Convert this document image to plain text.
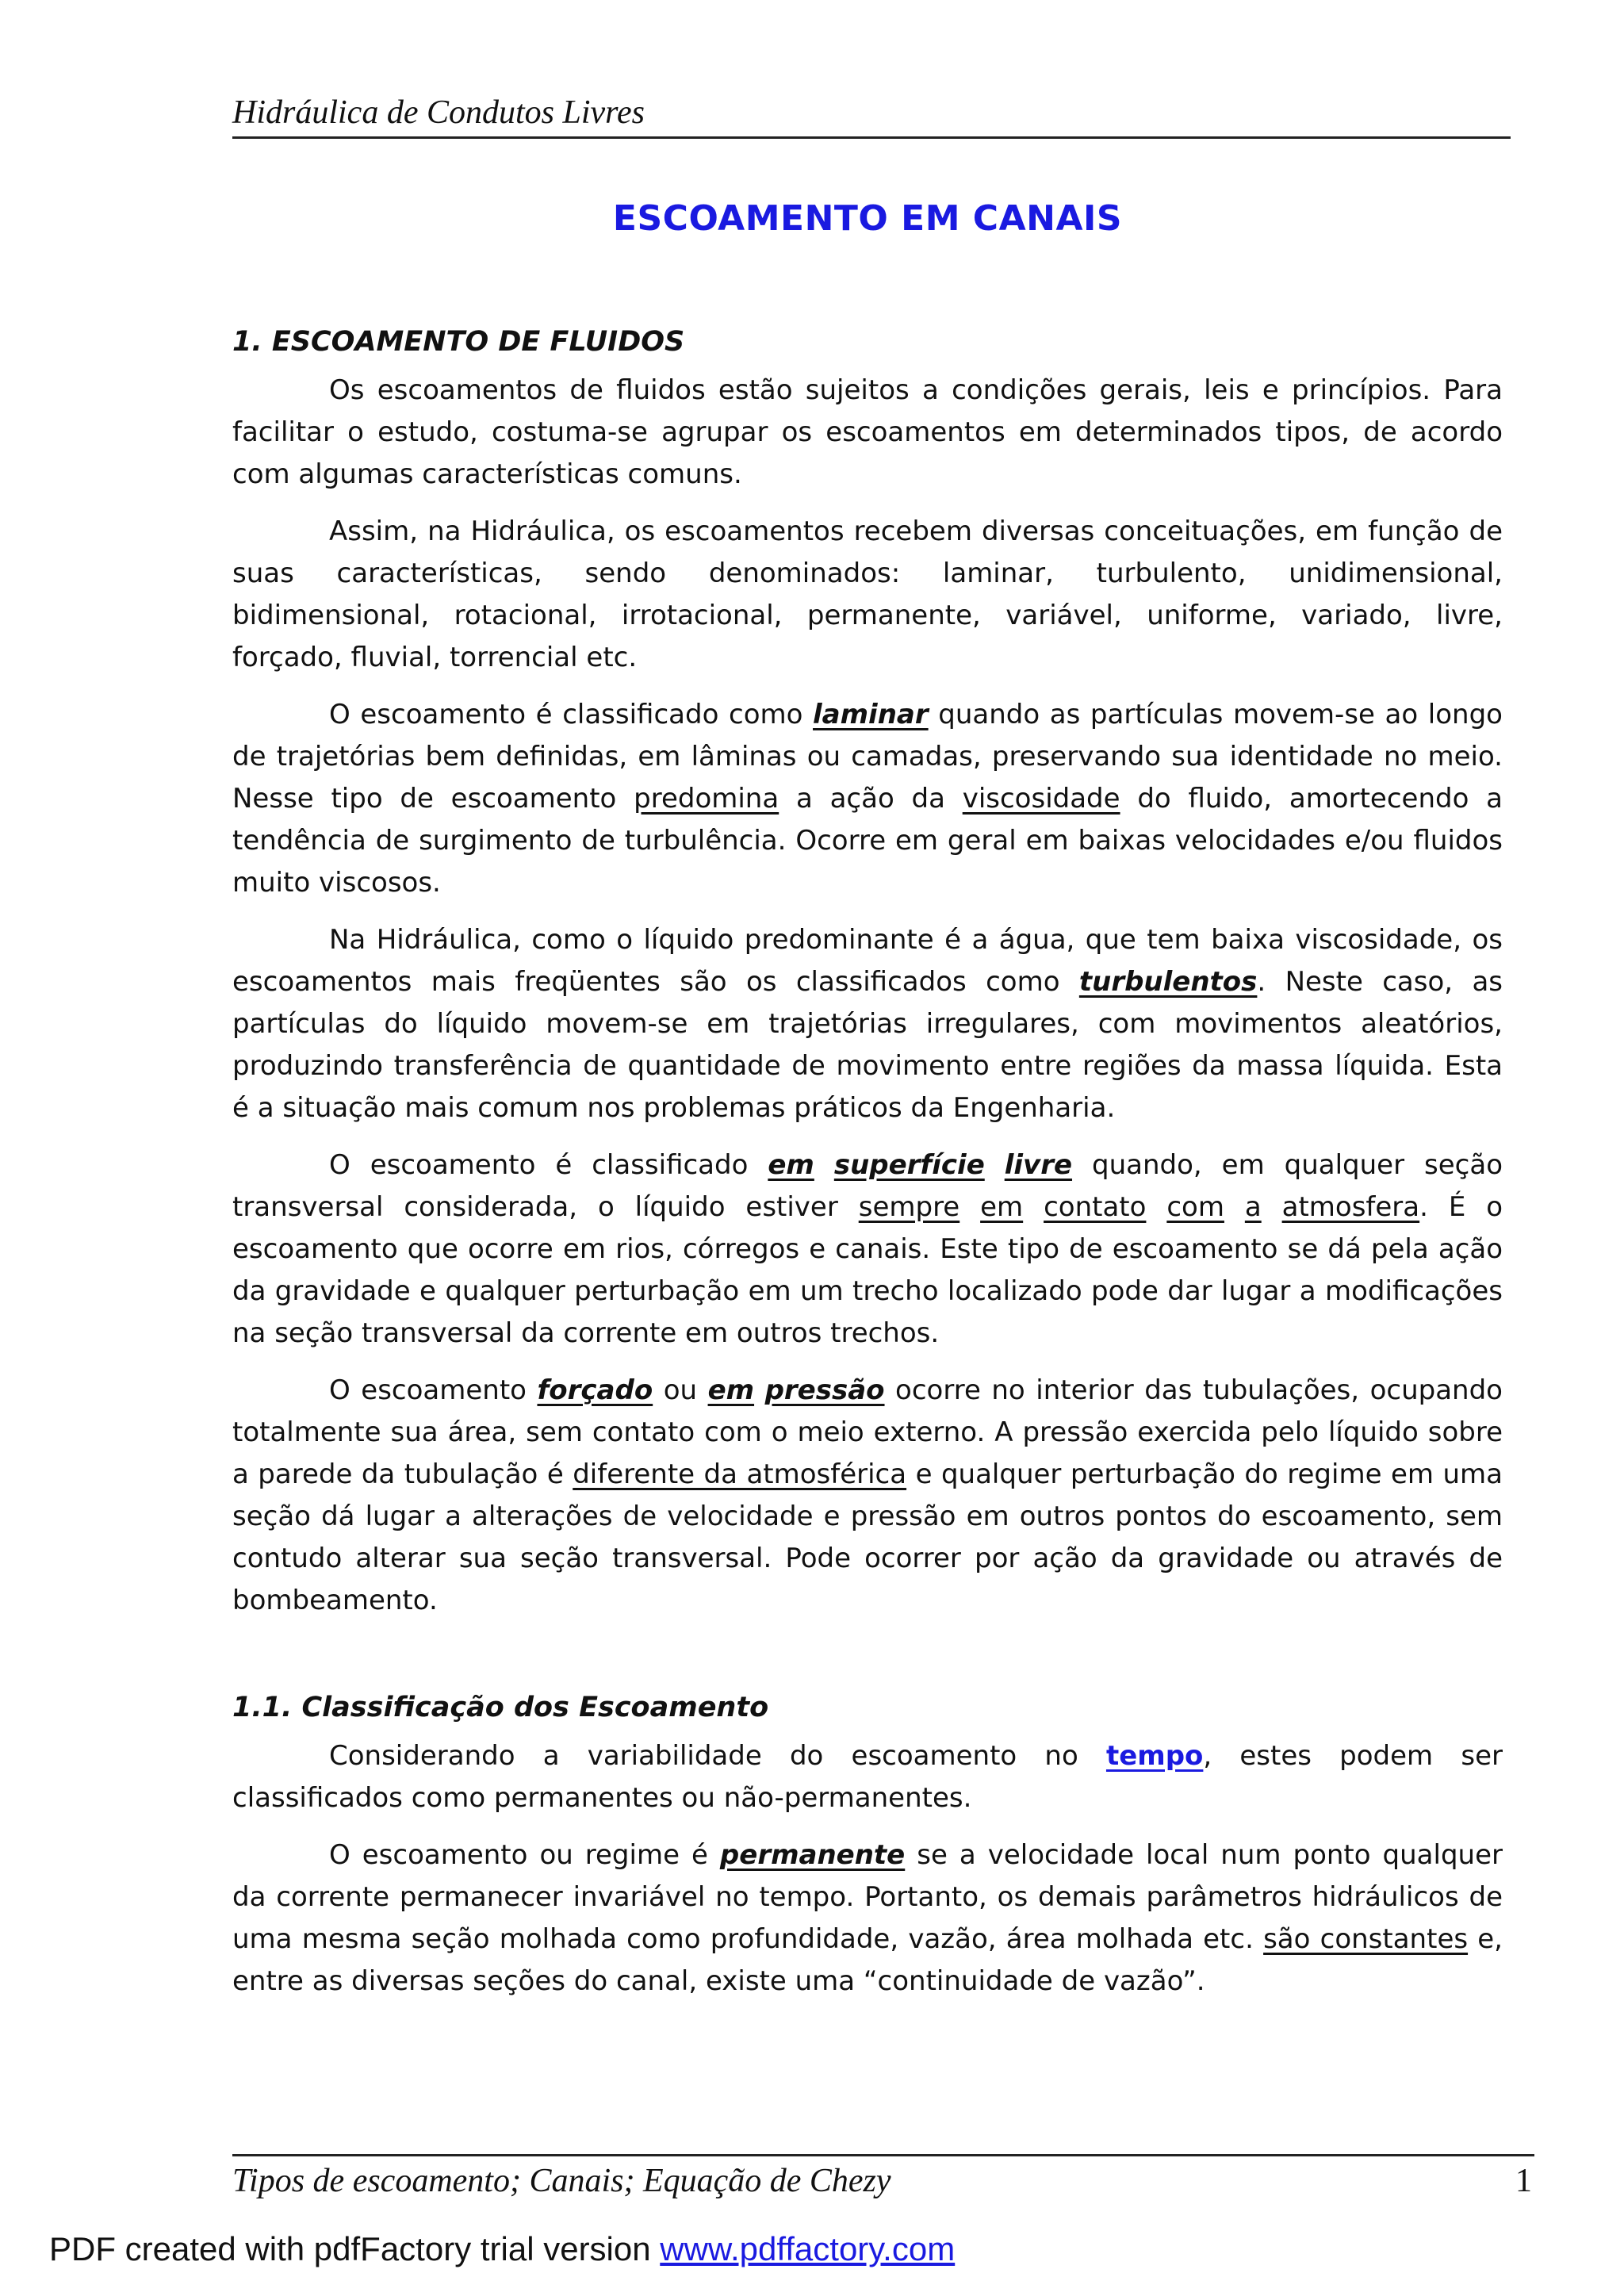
Hidráulica de Condutos Livres
ESCOAMENTO EM CANAIS
1. ESCOAMENTO DE FLUIDOS

Os escoamentos de fluidos estão sujeitos a condições gerais, leis e princípios. Para facilitar o estudo, costuma-se agrupar os escoamentos em determinados tipos, de acordo com algumas características comuns.

Assim, na Hidráulica, os escoamentos recebem diversas conceituações, em função de suas características, sendo denominados: laminar, turbulento, unidimensional, bidimensional, rotacional, irrotacional, permanente, variável, uniforme, variado, livre, forçado, fluvial, torrencial etc.

O escoamento é classificado como laminar quando as partículas movem-se ao longo de trajetórias bem definidas, em lâminas ou camadas, preservando sua identidade no meio. Nesse tipo de escoamento predomina a ação da viscosidade do fluido, amortecendo a tendência de surgimento de turbulência. Ocorre em geral em baixas velocidades e/ou fluidos muito viscosos.

Na Hidráulica, como o líquido predominante é a água, que tem baixa viscosidade, os escoamentos mais freqüentes são os classificados como turbulentos. Neste caso, as partículas do líquido movem-se em trajetórias irregulares, com movimentos aleatórios, produzindo transferência de quantidade de movimento entre regiões da massa líquida. Esta é a situação mais comum nos problemas práticos da Engenharia.

O escoamento é classificado em superfície livre quando, em qualquer seção transversal considerada, o líquido estiver sempre em contato com a atmosfera. É o escoamento que ocorre em rios, córregos e canais. Este tipo de escoamento se dá pela ação da gravidade e qualquer perturbação em um trecho localizado pode dar lugar a modificações na seção transversal da corrente em outros trechos.

O escoamento forçado ou em pressão ocorre no interior das tubulações, ocupando totalmente sua área, sem contato com o meio externo. A pressão exercida pelo líquido sobre a parede da tubulação é diferente da atmosférica e qualquer perturbação do regime em uma seção dá lugar a alterações de velocidade e pressão em outros pontos do escoamento, sem contudo alterar sua seção transversal. Pode ocorrer por ação da gravidade ou através de bombeamento.

1.1. Classificação dos Escoamento

Considerando a variabilidade do escoamento no tempo, estes podem ser classificados como permanentes ou não-permanentes.

O escoamento ou regime é permanente se a velocidade local num ponto qualquer da corrente permanecer invariável no tempo. Portanto, os demais parâmetros hidráulicos de uma mesma seção molhada como profundidade, vazão, área molhada etc. são constantes e, entre as diversas seções do canal, existe uma “continuidade de vazão”.

Tipos de escoamento; Canais; Equação de Chezy	1
PDF created with pdfFactory trial version www.pdffactory.com
